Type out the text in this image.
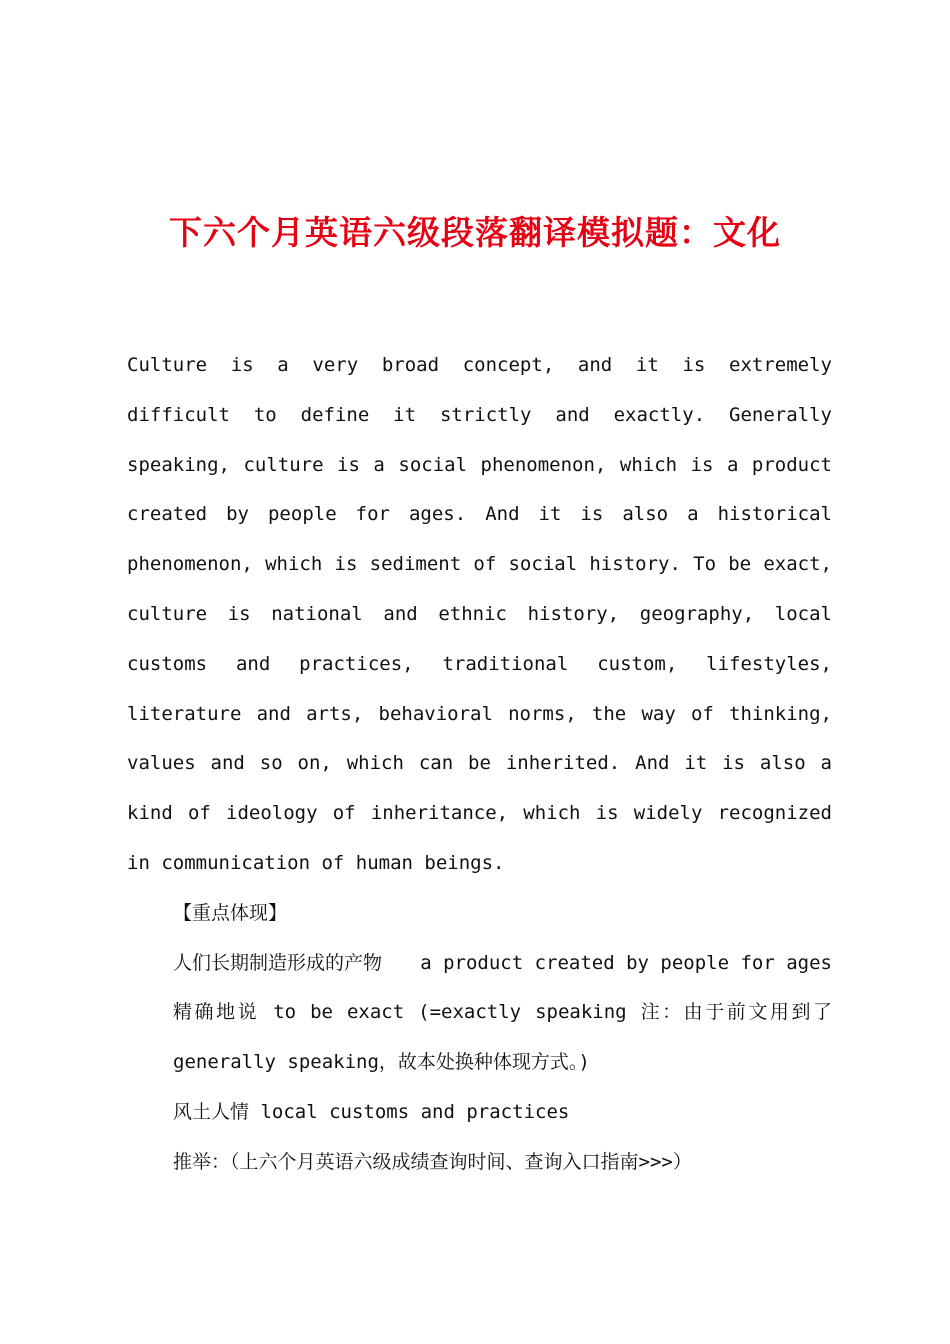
下六个月英语六级段落翻译模拟题：文化

Culture is a very broad concept, and it is extremely difficult to define it strictly and exactly. Generally speaking, culture is a social phenomenon, which is a product created by people for ages. And it is also a historical phenomenon, which is sediment of social history. To be exact, culture is national and ethnic history, geography, local customs and practices, traditional custom, lifestyles, literature and arts, behavioral norms, the way of thinking, values and so on, which can be inherited. And it is also a kind of ideology of inheritance, which is widely recognized in communication of human beings.

【重点体现】

人们长期制造形成的产物 a product created by people for ages

精确地说 to be exact (=exactly speaking 注：由于前文用到了 generally speaking，故本处换种体现方式。)

风土人情 local customs and practices

推举：（上六个月英语六级成绩查询时间、查询入口指南>>>）
